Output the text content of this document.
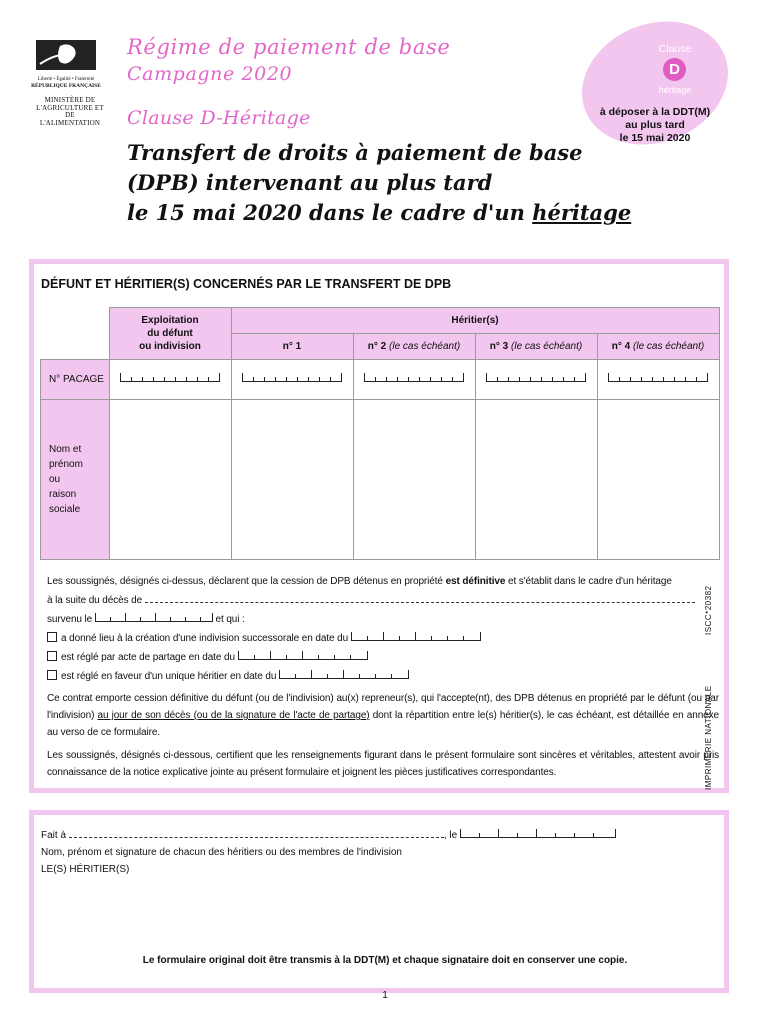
Liberté • Égalité • Fraternité
RÉPUBLIQUE FRANÇAISE
MINISTÈRE DE L'AGRICULTURE ET DE L'ALIMENTATION
Régime de paiement de base
Campagne 2020
Clause D-Héritage
Transfert de droits à paiement de base
(DPB) intervenant au plus tard
le 15 mai 2020 dans le cadre d'un héritage
Clause
D
héritage
à déposer à la DDT(M)
au plus tard
le 15 mai 2020
DÉFUNT ET HÉRITIER(S) CONCERNÉS PAR LE TRANSFERT DE DPB

	Exploitation
du défunt
ou indivision	Héritier(s)			
		n° 1	n° 2 (le cas échéant)	n° 3 (le cas échéant)	n° 4 (le cas échéant)
N° PACAGE	

Nom et
prénom
ou
raison
sociale					

Les soussignés, désignés ci-dessus, déclarent que la cession de DPB détenus en propriété est définitive et s'établit dans le cadre d'un héritage
à la suite du décès de
survenu le	et qui :
a donné lieu à la création d'une indivision successorale en date du
est réglé par acte de partage en date du
est réglé en faveur d'un unique héritier en date du
Ce contrat emporte cession définitive du défunt (ou de l'indivision) au(x) repreneur(s), qui l'accepte(nt), des DPB détenus en propriété par le défunt (ou par l'indivision) au jour de son décès (ou de la signature de l'acte de partage) dont la répartition entre le(s) héritier(s), le cas échéant, est détaillée en annexe au verso de ce formulaire.
Les soussignés, désignés ci-dessous, certifient que les renseignements figurant dans le présent formulaire sont sincères et véritables, attestent avoir pris connaissance de la notice explicative jointe au présent formulaire et joignent les pièces justificatives correspondantes.	IMPRIMERIE NATIONALE
ISCC*20382
Fait à	, le
Nom, prénom et signature de chacun des héritiers ou des membres de l'indivision
LE(S) HÉRITIER(S)
Le formulaire original doit être transmis à la DDT(M) et chaque signataire doit en conserver une copie.
1
